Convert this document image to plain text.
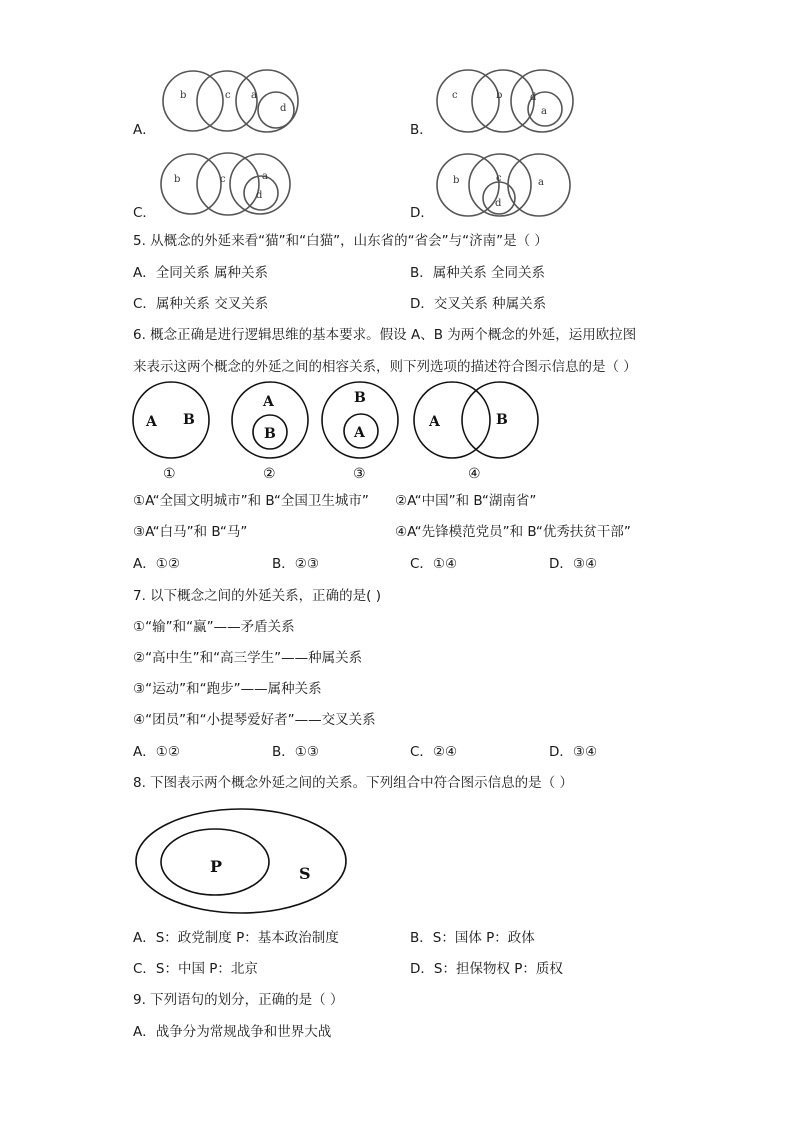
A．
b	c a
d
B．
c	b	d
a
C．
b	c	a
d
D．
b	c	a
d
5. 从概念的外延来看“猫”和“白猫”，山东省的“省会”与“济南”是（ ）
A．全同关系 属种关系	B．属种关系 全同关系
C．属种关系 交叉关系	D．交叉关系 种属关系
6. 概念正确是进行逻辑思维的基本要求。假设 A、B 为两个概念的外延，运用欧拉图
来表示这两个概念的外延之间的相容关系，则下列选项的描述符合图示信息的是（ ）
A B
①
A
B
②
B
A
③
A	B
④
①A“全国文明城市”和 B“全国卫生城市” ②A“中国”和 B“湖南省”
③A“白马”和 B“马”	④A“先锋模范党员”和 B“优秀扶贫干部”
A．①②	B．②③	C．①④	D．③④
7. 以下概念之间的外延关系，正确的是( )
①“输”和“赢”——矛盾关系
②“高中生”和“高三学生”——种属关系
③“运动”和“跑步”——属种关系
④“团员”和“小提琴爱好者”——交叉关系
A．①②	B．①③	C．②④	D．③④
8. 下图表示两个概念外延之间的关系。下列组合中符合图示信息的是（ ）
P	S
A．S：政党制度 P：基本政治制度	B．S：国体 P：政体
C．S：中国 P：北京	D．S：担保物权 P：质权
9. 下列语句的划分，正确的是（ ）
A．战争分为常规战争和世界大战
